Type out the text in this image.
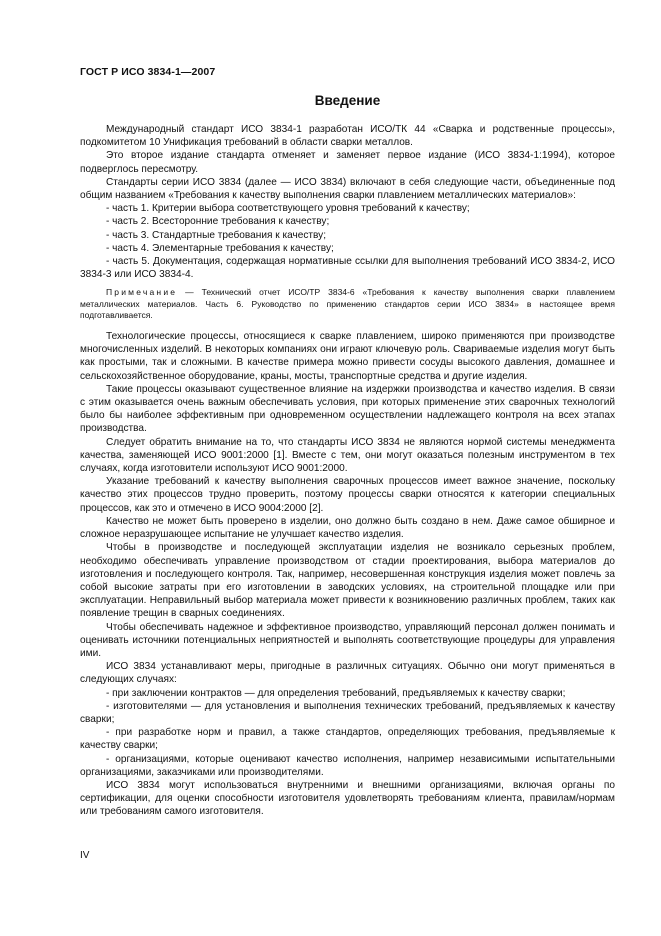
ГОСТ Р ИСО 3834-1—2007
Введение

Международный стандарт ИСО 3834-1 разработан ИСО/ТК 44 «Сварка и родственные процессы», подкомитетом 10 Унификация требований в области сварки металлов.

Это второе издание стандарта отменяет и заменяет первое издание (ИСО 3834-1:1994), которое подверглось пересмотру.

Стандарты серии ИСО 3834 (далее — ИСО 3834) включают в себя следующие части, объединенные под общим названием «Требования к качеству выполнения сварки плавлением металлических материалов»:

- часть 1. Критерии выбора соответствующего уровня требований к качеству;

- часть 2. Всесторонние требования к качеству;

- часть 3. Стандартные требования к качеству;

- часть 4. Элементарные требования к качеству;

- часть 5. Документация, содержащая нормативные ссылки для выполнения требований ИСО 3834-2, ИСО 3834-3 или ИСО 3834-4.

Примечание — Технический отчет ИСО/ТР 3834-6 «Требования к качеству выполнения сварки плавлением металлических материалов. Часть 6. Руководство по применению стандартов серии ИСО 3834» в настоящее время подготавливается.

Технологические процессы, относящиеся к сварке плавлением, широко применяются при производстве многочисленных изделий. В некоторых компаниях они играют ключевую роль. Свариваемые изделия могут быть как простыми, так и сложными. В качестве примера можно привести сосуды высокого давления, домашнее и сельскохозяйственное оборудование, краны, мосты, транспортные средства и другие изделия.

Такие процессы оказывают существенное влияние на издержки производства и качество изделия. В связи с этим оказывается очень важным обеспечивать условия, при которых применение этих сварочных технологий было бы наиболее эффективным при одновременном осуществлении надлежащего контроля на всех этапах производства.

Следует обратить внимание на то, что стандарты ИСО 3834 не являются нормой системы менеджмента качества, заменяющей ИСО 9001:2000 [1]. Вместе с тем, они могут оказаться полезным инструментом в тех случаях, когда изготовители используют ИСО 9001:2000.

Указание требований к качеству выполнения сварочных процессов имеет важное значение, поскольку качество этих процессов трудно проверить, поэтому процессы сварки относятся к категории специальных процессов, как это и отмечено в ИСО 9004:2000 [2].

Качество не может быть проверено в изделии, оно должно быть создано в нем. Даже самое обширное и сложное неразрушающее испытание не улучшает качество изделия.

Чтобы в производстве и последующей эксплуатации изделия не возникало серьезных проблем, необходимо обеспечивать управление производством от стадии проектирования, выбора материалов до изготовления и последующего контроля. Так, например, несовершенная конструкция изделия может повлечь за собой высокие затраты при его изготовлении в заводских условиях, на строительной площадке или при эксплуатации. Неправильный выбор материала может привести к возникновению различных проблем, таких как появление трещин в сварных соединениях.

Чтобы обеспечивать надежное и эффективное производство, управляющий персонал должен понимать и оценивать источники потенциальных неприятностей и выполнять соответствующие процедуры для управления ими.

ИСО 3834 устанавливают меры, пригодные в различных ситуациях. Обычно они могут применяться в следующих случаях:

- при заключении контрактов — для определения требований, предъявляемых к качеству сварки;

- изготовителями — для установления и выполнения технических требований, предъявляемых к качеству сварки;

- при разработке норм и правил, а также стандартов, определяющих требования, предъявляемые к качеству сварки;

- организациями, которые оценивают качество исполнения, например независимыми испытательными организациями, заказчиками или производителями.

ИСО 3834 могут использоваться внутренними и внешними организациями, включая органы по сертификации, для оценки способности изготовителя удовлетворять требованиям клиента, правилам/нормам или требованиям самого изготовителя.

IV
